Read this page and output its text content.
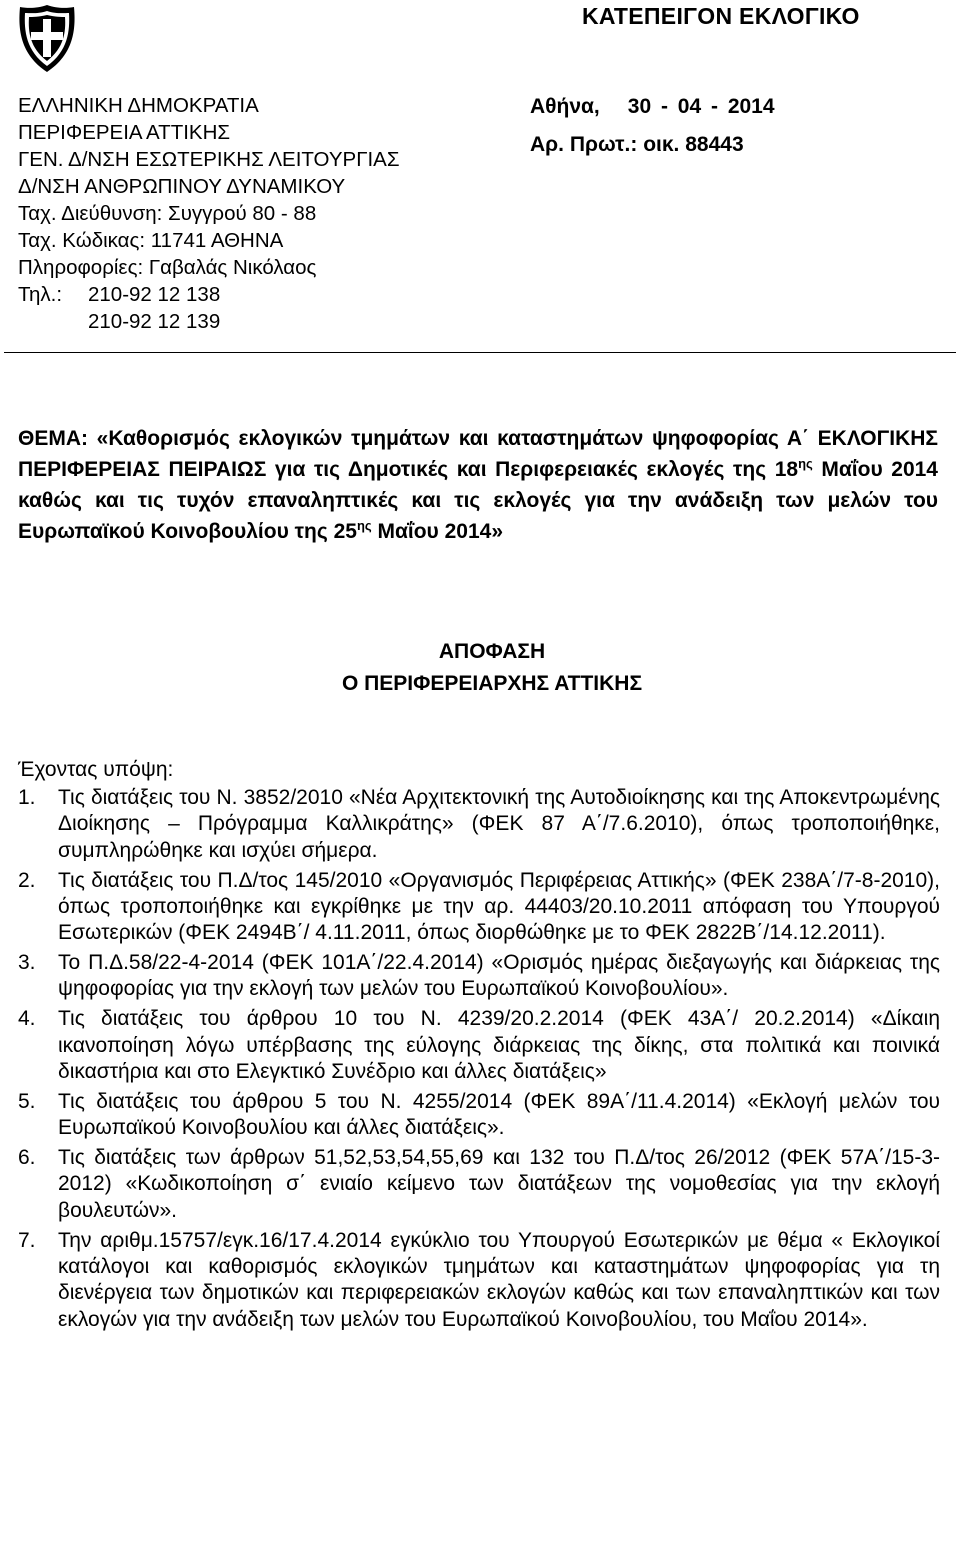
ΚΑΤΕΠΕΙΓΟΝ ΕΚΛΟΓΙΚΟ
ΕΛΛΗΝΙΚΗ ΔΗΜΟΚΡΑΤΙΑ
ΠΕΡΙΦΕΡΕΙΑ ΑΤΤΙΚΗΣ
ΓΕΝ. Δ/ΝΣΗ ΕΣΩΤΕΡΙΚΗΣ ΛΕΙΤΟΥΡΓΙΑΣ
Δ/ΝΣΗ ΑΝΘΡΩΠΙΝΟΥ ΔΥΝΑΜΙΚΟΥ
Ταχ. Διεύθυνση: Συγγρού 80 - 88
Ταχ. Κώδικας: 11741 ΑΘΗΝΑ
Πληροφορίες: Γαβαλάς Νικόλαος
Τηλ.:	210-92 12 138
210-92 12 139
Αθήνα, 30 - 04 - 2014
Αρ. Πρωτ.:
οικ. 88443
ΘΕΜΑ: «Καθορισμός εκλογικών τμημάτων και καταστημάτων ψηφοφορίας Α΄ ΕΚΛΟΓΙΚΗΣ ΠΕΡΙΦΕΡΕΙΑΣ ΠΕΙΡΑΙΩΣ για τις Δημοτικές και Περιφερειακές εκλογές της $18^{\eta\varsigma}$ Μαΐου 2014 καθώς και τις τυχόν επαναληπτικές και τις εκλογές για την ανάδειξη των μελών του Ευρωπαϊκού Κοινοβουλίου της $25^{\eta\varsigma}$ Μαΐου 2014»
ΑΠΟΦΑΣΗ
Ο ΠΕΡΙΦΕΡΕΙΑΡΧΗΣ ΑΤΤΙΚΗΣ
Έχοντας υπόψη:
1.	Τις διατάξεις του Ν. 3852/2010 «Νέα Αρχιτεκτονική της Αυτοδιοίκησης και της Αποκεντρωμένης Διοίκησης – Πρόγραμμα Καλλικράτης» (ΦΕΚ 87 Α΄/7.6.2010), όπως τροποποιήθηκε, συμπληρώθηκε και ισχύει σήμερα.
2.	Τις διατάξεις του Π.Δ/τος 145/2010 «Οργανισμός Περιφέρειας Αττικής» (ΦΕΚ 238Α΄/7-8-2010), όπως τροποποιήθηκε και εγκρίθηκε με την αρ. 44403/20.10.2011 απόφαση του Υπουργού Εσωτερικών (ΦΕΚ 2494Β΄/ 4.11.2011, όπως διορθώθηκε με το ΦΕΚ 2822Β΄/14.12.2011).
3.	Το Π.Δ.58/22-4-2014 (ΦΕΚ 101Α΄/22.4.2014) «Ορισμός ημέρας διεξαγωγής και διάρκειας της ψηφοφορίας για την εκλογή των μελών του Ευρωπαϊκού Κοινοβουλίου».
4.	Τις διατάξεις του άρθρου 10 του Ν. 4239/20.2.2014 (ΦΕΚ 43Α΄/ 20.2.2014) «Δίκαιη ικανοποίηση λόγω υπέρβασης της εύλογης διάρκειας της δίκης, στα πολιτικά και ποινικά δικαστήρια και στο Ελεγκτικό Συνέδριο και άλλες διατάξεις»
5.	Τις διατάξεις του άρθρου 5 του Ν. 4255/2014 (ΦΕΚ 89Α΄/11.4.2014) «Εκλογή μελών του Ευρωπαϊκού Κοινοβουλίου και άλλες διατάξεις».
6.	Τις διατάξεις των άρθρων 51,52,53,54,55,69 και 132 του Π.Δ/τος 26/2012 (ΦΕΚ 57Α΄/15-3-2012) «Κωδικοποίηση σ΄ ενιαίο κείμενο των διατάξεων της νομοθεσίας για την εκλογή βουλευτών».
7.	Την αριθμ.15757/εγκ.16/17.4.2014 εγκύκλιο του Υπουργού Εσωτερικών με θέμα « Εκλογικοί κατάλογοι και καθορισμός εκλογικών τμημάτων και καταστημάτων ψηφοφορίας για τη διενέργεια των δημοτικών και περιφερειακών εκλογών καθώς και των επαναληπτικών και των εκλογών για την ανάδειξη των μελών του Ευρωπαϊκού Κοινοβουλίου, του Μαΐου 2014».
